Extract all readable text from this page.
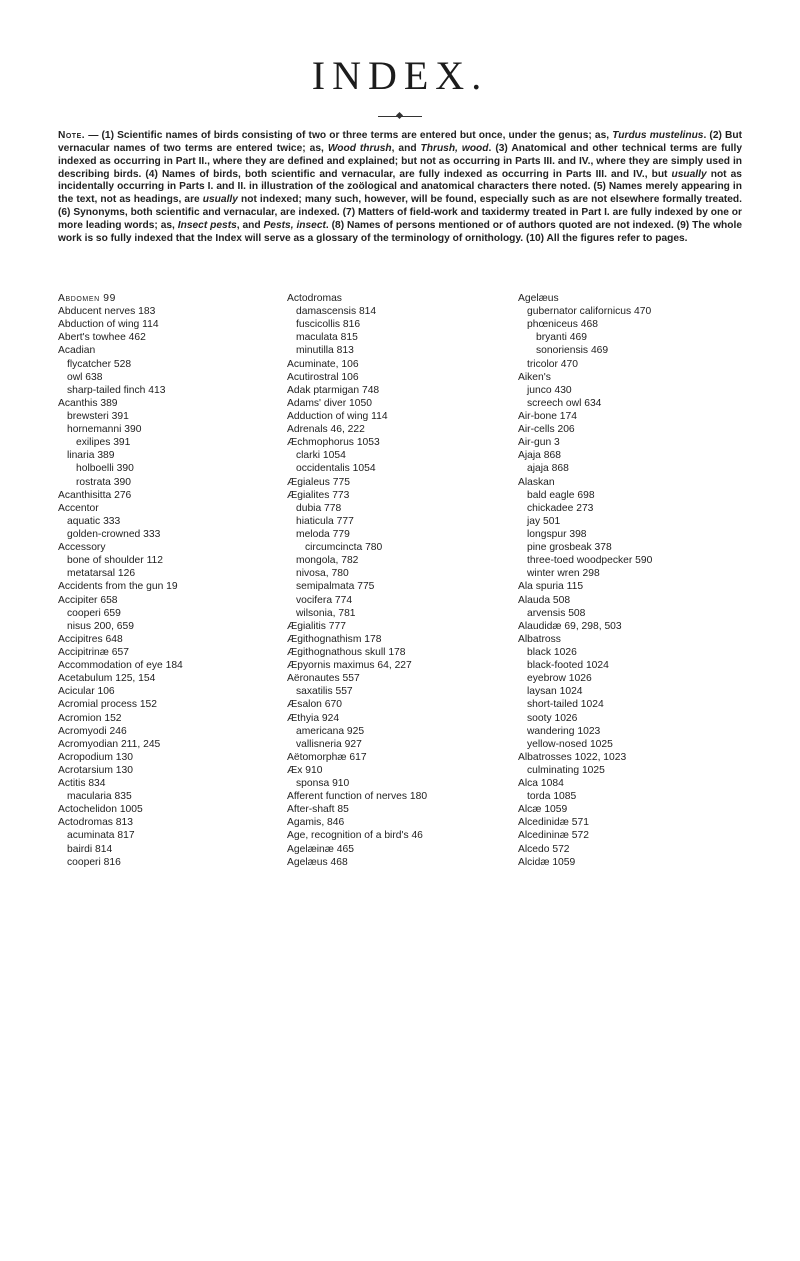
INDEX.
Note. — (1) Scientific names of birds consisting of two or three terms are entered but once, under the genus; as, Turdus mustelinus. (2) But vernacular names of two terms are entered twice; as, Wood thrush, and Thrush, wood. (3) Anatomical and other technical terms are fully indexed as occurring in Part II., where they are defined and explained; but not as occurring in Parts III. and IV., where they are simply used in describing birds. (4) Names of birds, both scientific and vernacular, are fully indexed as occurring in Parts III. and IV., but usually not as incidentally occurring in Parts I. and II. in illustration of the zoölogical and anatomical characters there noted. (5) Names merely appearing in the text, not as headings, are usually not indexed; many such, however, will be found, especially such as are not elsewhere formally treated. (6) Synonyms, both scientific and vernacular, are indexed. (7) Matters of field-work and taxidermy treated in Part I. are fully indexed by one or more leading words; as, Insect pests, and Pests, insect. (8) Names of persons mentioned or of authors quoted are not indexed. (9) The whole work is so fully indexed that the Index will serve as a glossary of the terminology of ornithology. (10) All the figures refer to pages.
Abdomen 99
Abducent nerves 183
Abduction of wing 114
Abert's towhee 462
Acadian
flycatcher 528
owl 638
sharp-tailed finch 413
Acanthis 389
brewsteri 391
hornemanni 390
exilipes 391
linaria 389
holboelli 390
rostrata 390
Acanthisitta 276
Accentor
aquatic 333
golden-crowned 333
Accessory
bone of shoulder 112
metatarsal 126
Accidents from the gun 19
Accipiter 658
cooperi 659
nisus 200, 659
Accipitres 648
Accipitrinæ 657
Accommodation of eye 184
Acetabulum 125, 154
Acicular 106
Acromial process 152
Acromion 152
Acromyodi 246
Acromyodian 211, 245
Acropodium 130
Acrotarsium 130
Actitis 834
macularia 835
Actochelidon 1005
Actodromas 813
acuminata 817
bairdi 814
cooperi 816
Actodromas
damascensis 814
fuscicollis 816
maculata 815
minutilla 813
Acuminate, 106
Acutirostral 106
Adak ptarmigan 748
Adams' diver 1050
Adduction of wing 114
Adrenals 46, 222
Æchmophorus 1053
clarki 1054
occidentalis 1054
Ægialeus 775
Ægialites 773
dubia 778
hiaticula 777
meloda 779
circumcincta 780
mongola, 782
nivosa, 780
semipalmata 775
vocifera 774
wilsonia, 781
Ægialitis 777
Ægithognathism 178
Ægithognathous skull 178
Æpyornis maximus 64, 227
Aëronautes 557
saxatilis 557
Æsalon 670
Æthyia 924
americana 925
vallisneria 927
Aëtomorphæ 617
Æx 910
sponsa 910
Afferent function of nerves 180
After-shaft 85
Agamis, 846
Age, recognition of a bird's 46
Agelæinæ 465
Agelæus 468
Agelæus
gubernator californicus 470
phœniceus 468
bryanti 469
sonoriensis 469
tricolor 470
Aiken's
junco 430
screech owl 634
Air-bone 174
Air-cells 206
Air-gun 3
Ajaja 868
ajaja 868
Alaskan
bald eagle 698
chickadee 273
jay 501
longspur 398
pine grosbeak 378
three-toed woodpecker 590
winter wren 298
Ala spuria 115
Alauda 508
arvensis 508
Alaudidæ 69, 298, 503
Albatross
black 1026
black-footed 1024
eyebrow 1026
laysan 1024
short-tailed 1024
sooty 1026
wandering 1023
yellow-nosed 1025
Albatrosses 1022, 1023
culminating 1025
Alca 1084
torda 1085
Alcæ 1059
Alcedinidæ 571
Alcedininæ 572
Alcedo 572
Alcidæ 1059
